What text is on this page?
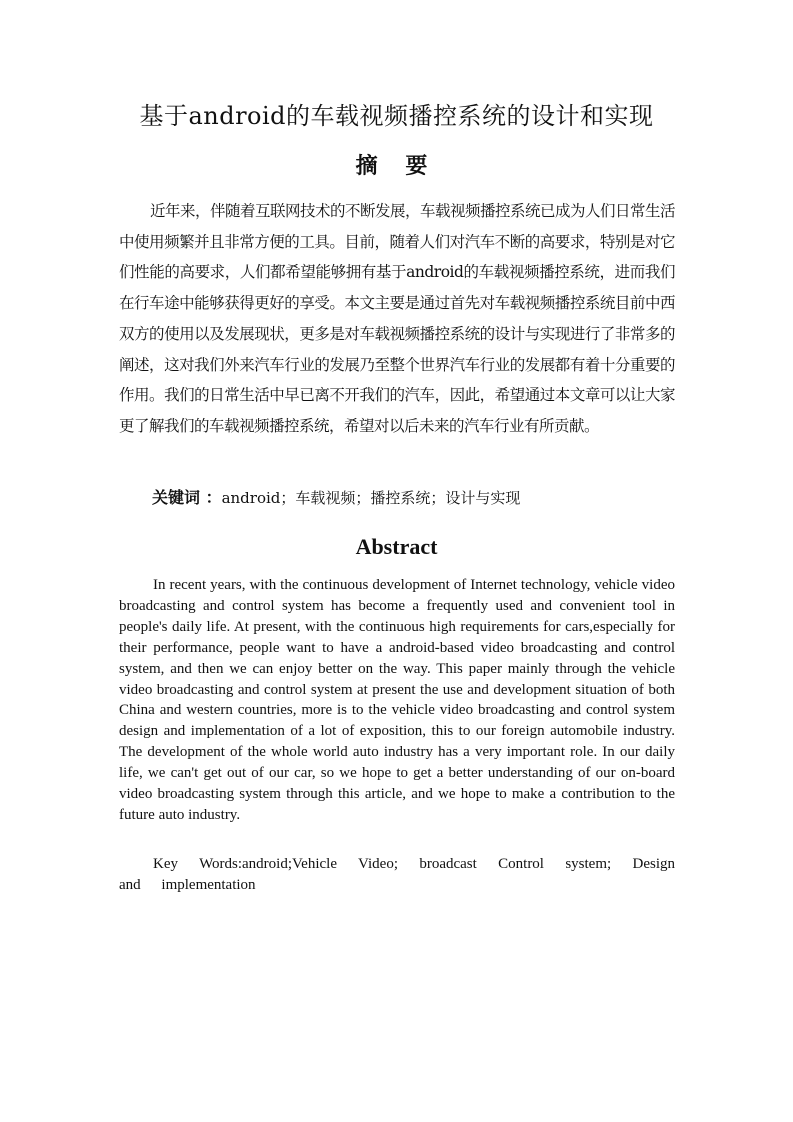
基于android的车载视频播控系统的设计和实现
摘 要

近年来，伴随着互联网技术的不断发展，车载视频播控系统已成为人们日常生活中使用频繁并且非常方便的工具。目前，随着人们对汽车不断的高要求，特别是对它们性能的高要求，人们都希望能够拥有基于android的车载视频播控系统，进而我们在行车途中能够获得更好的享受。本文主要是通过首先对车载视频播控系统目前中西双方的使用以及发展现状，更多是对车载视频播控系统的设计与实现进行了非常多的阐述，这对我们外来汽车行业的发展乃至整个世界汽车行业的发展都有着十分重要的作用。我们的日常生活中早已离不开我们的汽车，因此，希望通过本文章可以让大家更了解我们的车载视频播控系统，希望对以后未来的汽车行业有所贡献。

关键词 ：android；车载视频；播控系统；设计与实现

Abstract

In recent years, with the continuous development of Internet technology, vehicle video broadcasting and control system has become a frequently used and convenient tool in people's daily life. At present, with the continuous high requirements for cars,especially for their performance, people want to have a android-based video broadcasting and control system, and then we can enjoy better on the way. This paper mainly through the vehicle video broadcasting and control system at present the use and development situation of both China and western countries, more is to the vehicle video broadcasting and control system design and implementation of a lot of exposition, this to our foreign automobile industry. The development of the whole world auto industry has a very important role. In our daily life, we can't get out of our car, so we hope to get a better understanding of our on-board video broadcasting system through this article, and we hope to make a contribution to the future auto industry.

Key Words:android;Vehicle Video; broadcast Control system; Design and implementation
